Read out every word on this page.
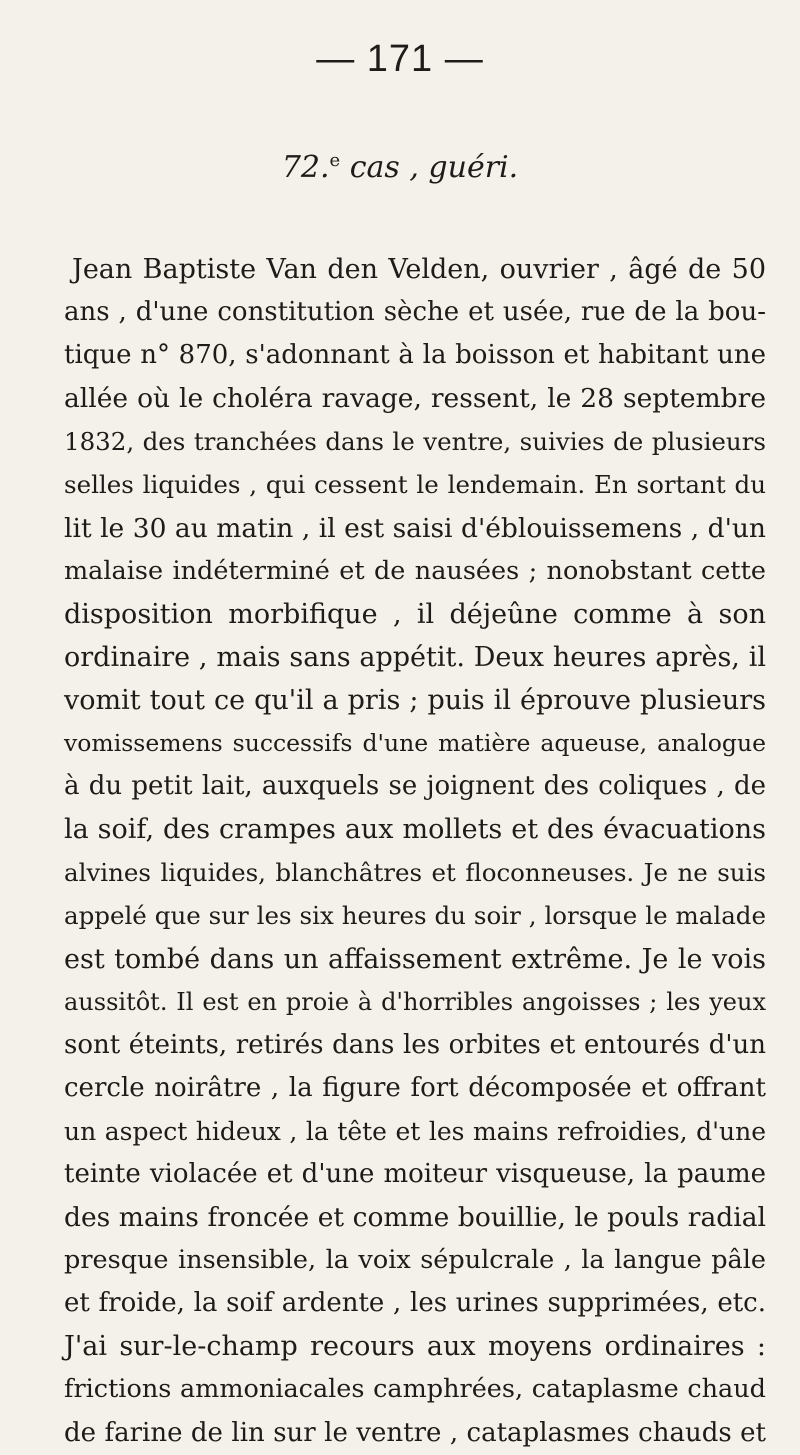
— 171 —
72.$^e$ cas , guéri.
Jean Baptiste Van den Velden, ouvrier , âgé de 50
ans , d'une constitution sèche et usée, rue de la bou-
tique n° 870, s'adonnant à la boisson et habitant une
allée où le choléra ravage, ressent, le 28 septembre
1832, des tranchées dans le ventre, suivies de plusieurs
selles liquides , qui cessent le lendemain. En sortant du
lit le 30 au matin , il est saisi d'éblouissemens , d'un
malaise indéterminé et de nausées ; nonobstant cette
disposition morbifique , il déjeûne comme à son
ordinaire , mais sans appétit. Deux heures après, il
vomit tout ce qu'il a pris ; puis il éprouve plusieurs
vomissemens successifs d'une matière aqueuse, analogue
à du petit lait, auxquels se joignent des coliques , de
la soif, des crampes aux mollets et des évacuations
alvines liquides, blanchâtres et floconneuses. Je ne suis
appelé que sur les six heures du soir , lorsque le malade
est tombé dans un affaissement extrême. Je le vois
aussitôt. Il est en proie à d'horribles angoisses ; les yeux
sont éteints, retirés dans les orbites et entourés d'un
cercle noirâtre , la figure fort décomposée et offrant
un aspect hideux , la tête et les mains refroidies, d'une
teinte violacée et d'une moiteur visqueuse, la paume
des mains froncée et comme bouillie, le pouls radial
presque insensible, la voix sépulcrale , la langue pâle
et froide, la soif ardente , les urines supprimées, etc.
J'ai sur-le-champ recours aux moyens ordinaires :
frictions ammoniacales camphrées, cataplasme chaud
de farine de lin sur le ventre , cataplasmes chauds et
